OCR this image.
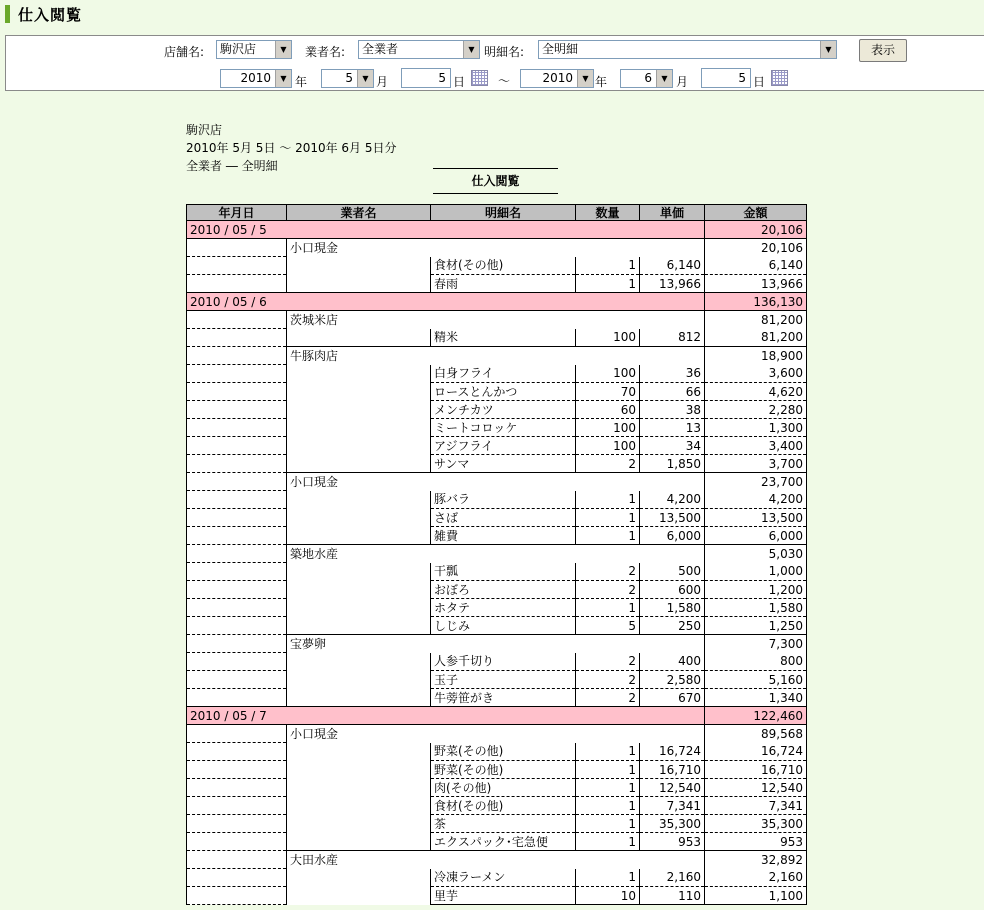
仕入閲覧
店舗名:	駒沢店	▼	業者名:	全業者	▼ 明細名:	全明細	▼	表示
2010	▼ 年	5	▼ 月	5 日	～	2010	▼ 年	6	▼ 月	5 日
駒沢店
2010年 5月 5日 ～ 2010年 6月 5日分
全業者 ― 全明細
仕入閲覧
年月日	業者名	明細名	数量	単価	金額
2010 / 05 / 5					20,106
	小口現金				20,106
		食材(その他)	1	6,140	6,140
		春雨	1	13,966	13,966
2010 / 05 / 6					136,130
	茨城米店				81,200
		精米	100	812	81,200
	牛豚肉店				18,900
		白身フライ	100	36	3,600
		ロースとんかつ	70	66	4,620
		メンチカツ	60	38	2,280
		ミートコロッケ	100	13	1,300
		アジフライ	100	34	3,400
		サンマ	2	1,850	3,700
	小口現金				23,700
		豚バラ	1	4,200	4,200
		さば	1	13,500	13,500
		雑費	1	6,000	6,000
	築地水産				5,030
		干瓢	2	500	1,000
		おぼろ	2	600	1,200
		ホタテ	1	1,580	1,580
		しじみ	5	250	1,250
	宝夢卵				7,300
		人参千切り	2	400	800
		玉子	2	2,580	5,160
		牛蒡笹がき	2	670	1,340
2010 / 05 / 7					122,460
	小口現金				89,568
		野菜(その他)	1	16,724	16,724
		野菜(その他)	1	16,710	16,710
		肉(その他)	1	12,540	12,540
		食材(その他)	1	7,341	7,341
		茶	1	35,300	35,300
		エクスパック･宅急便	1	953	953
	大田水産				32,892
		冷凍ラーメン	1	2,160	2,160
		里芋	10	110	1,100
